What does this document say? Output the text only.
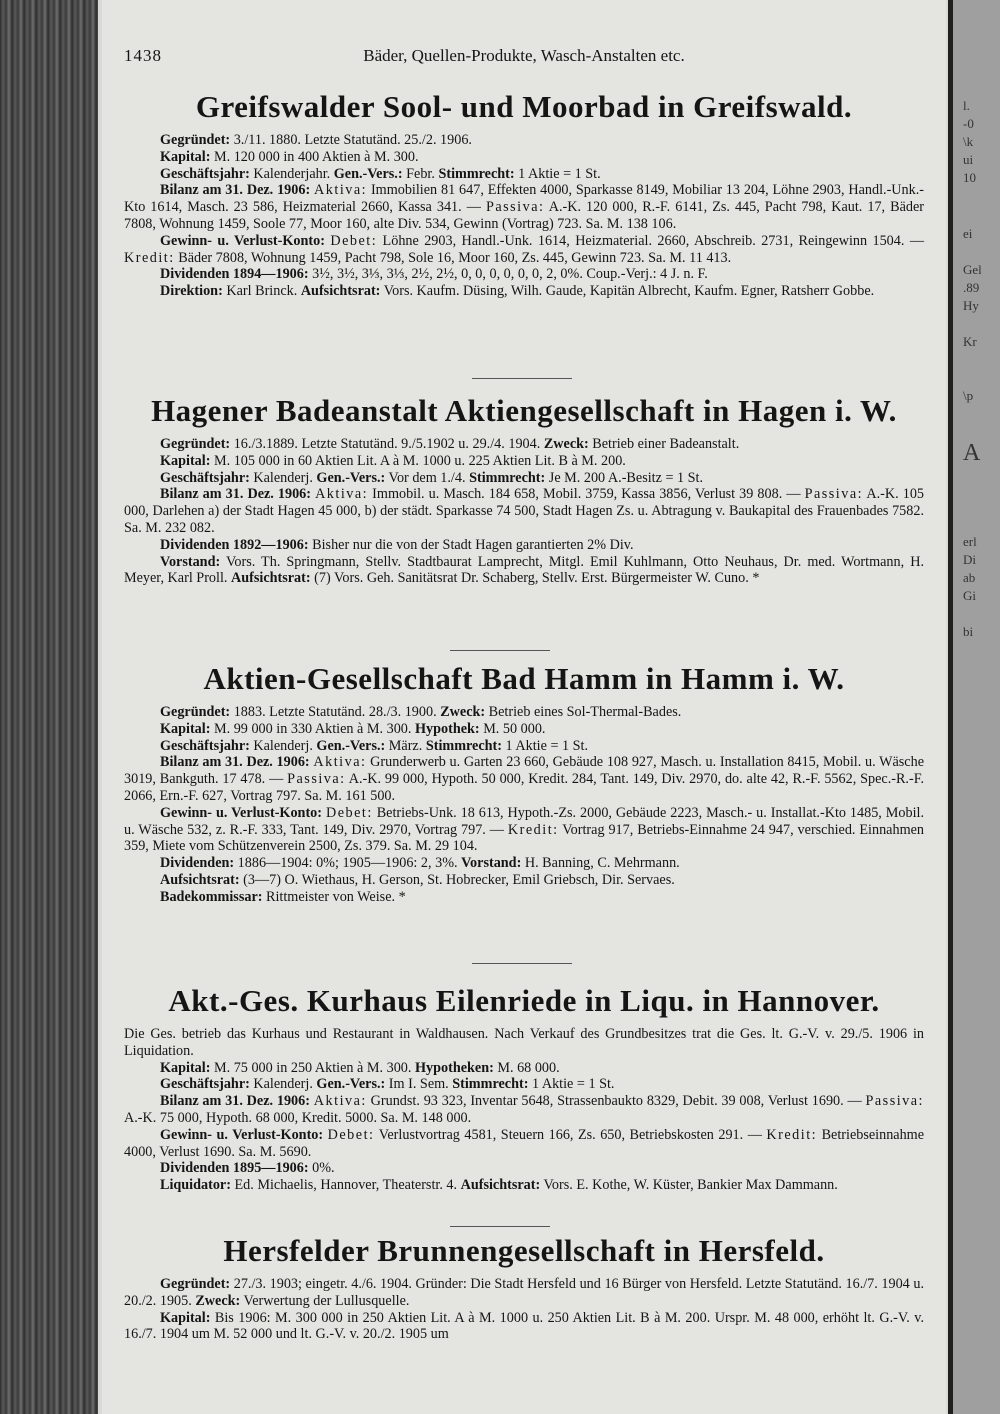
l.
-0
\k
ui
10
ei
Gel
.89
Hy
Kr
\p
A
erl
Di
ab
Gi
bi
1438	Bäder, Quellen-Produkte, Wasch-Anstalten etc.
Greifswalder Sool- und Moorbad in Greifswald.

Gegründet: 3./11. 1880. Letzte Statutänd. 25./2. 1906.

Kapital: M. 120 000 in 400 Aktien à M. 300.

Geschäftsjahr: Kalenderjahr. Gen.-Vers.: Febr. Stimmrecht: 1 Aktie = 1 St.

Bilanz am 31. Dez. 1906: Aktiva: Immobilien 81 647, Effekten 4000, Sparkasse 8149, Mobiliar 13 204, Löhne 2903, Handl.-Unk.-Kto 1614, Masch. 23 586, Heizmaterial 2660, Kassa 341. — Passiva: A.-K. 120 000, R.-F. 6141, Zs. 445, Pacht 798, Kaut. 17, Bäder 7808, Wohnung 1459, Soole 77, Moor 160, alte Div. 534, Gewinn (Vortrag) 723. Sa. M. 138 106.

Gewinn- u. Verlust-Konto: Debet: Löhne 2903, Handl.-Unk. 1614, Heizmaterial. 2660, Abschreib. 2731, Reingewinn 1504. — Kredit: Bäder 7808, Wohnung 1459, Pacht 798, Sole 16, Moor 160, Zs. 445, Gewinn 723. Sa. M. 11 413.

Dividenden 1894—1906: 3½, 3½, 3⅓, 3⅓, 2½, 2½, 0, 0, 0, 0, 0, 0, 2, 0%. Coup.-Verj.: 4 J. n. F.

Direktion: Karl Brinck. Aufsichtsrat: Vors. Kaufm. Düsing, Wilh. Gaude, Kapitän Albrecht, Kaufm. Egner, Ratsherr Gobbe.

Hagener Badeanstalt Aktiengesellschaft in Hagen i. W.

Gegründet: 16./3.1889. Letzte Statutänd. 9./5.1902 u. 29./4. 1904. Zweck: Betrieb einer Badeanstalt.

Kapital: M. 105 000 in 60 Aktien Lit. A à M. 1000 u. 225 Aktien Lit. B à M. 200.

Geschäftsjahr: Kalenderj. Gen.-Vers.: Vor dem 1./4. Stimmrecht: Je M. 200 A.-Besitz = 1 St.

Bilanz am 31. Dez. 1906: Aktiva: Immobil. u. Masch. 184 658, Mobil. 3759, Kassa 3856, Verlust 39 808. — Passiva: A.-K. 105 000, Darlehen a) der Stadt Hagen 45 000, b) der städt. Sparkasse 74 500, Stadt Hagen Zs. u. Abtragung v. Baukapital des Frauenbades 7582. Sa. M. 232 082.

Dividenden 1892—1906: Bisher nur die von der Stadt Hagen garantierten 2% Div.

Vorstand: Vors. Th. Springmann, Stellv. Stadtbaurat Lamprecht, Mitgl. Emil Kuhlmann, Otto Neuhaus, Dr. med. Wortmann, H. Meyer, Karl Proll. Aufsichtsrat: (7) Vors. Geh. Sanitätsrat Dr. Schaberg, Stellv. Erst. Bürgermeister W. Cuno. *

Aktien-Gesellschaft Bad Hamm in Hamm i. W.

Gegründet: 1883. Letzte Statutänd. 28./3. 1900. Zweck: Betrieb eines Sol-Thermal-Bades.

Kapital: M. 99 000 in 330 Aktien à M. 300. Hypothek: M. 50 000.

Geschäftsjahr: Kalenderj. Gen.-Vers.: März. Stimmrecht: 1 Aktie = 1 St.

Bilanz am 31. Dez. 1906: Aktiva: Grunderwerb u. Garten 23 660, Gebäude 108 927, Masch. u. Installation 8415, Mobil. u. Wäsche 3019, Bankguth. 17 478. — Passiva: A.-K. 99 000, Hypoth. 50 000, Kredit. 284, Tant. 149, Div. 2970, do. alte 42, R.-F. 5562, Spec.-R.-F. 2066, Ern.-F. 627, Vortrag 797. Sa. M. 161 500.

Gewinn- u. Verlust-Konto: Debet: Betriebs-Unk. 18 613, Hypoth.-Zs. 2000, Gebäude 2223, Masch.- u. Installat.-Kto 1485, Mobil. u. Wäsche 532, z. R.-F. 333, Tant. 149, Div. 2970, Vortrag 797. — Kredit: Vortrag 917, Betriebs-Einnahme 24 947, verschied. Einnahmen 359, Miete vom Schützenverein 2500, Zs. 379. Sa. M. 29 104.

Dividenden: 1886—1904: 0%; 1905—1906: 2, 3%. Vorstand: H. Banning, C. Mehrmann.

Aufsichtsrat: (3—7) O. Wiethaus, H. Gerson, St. Hobrecker, Emil Griebsch, Dir. Servaes.

Badekommissar: Rittmeister von Weise. *

Akt.-Ges. Kurhaus Eilenriede in Liqu. in Hannover.

Die Ges. betrieb das Kurhaus und Restaurant in Waldhausen. Nach Verkauf des Grundbesitzes trat die Ges. lt. G.-V. v. 29./5. 1906 in Liquidation.

Kapital: M. 75 000 in 250 Aktien à M. 300. Hypotheken: M. 68 000.

Geschäftsjahr: Kalenderj. Gen.-Vers.: Im I. Sem. Stimmrecht: 1 Aktie = 1 St.

Bilanz am 31. Dez. 1906: Aktiva: Grundst. 93 323, Inventar 5648, Strassenbaukto 8329, Debit. 39 008, Verlust 1690. — Passiva: A.-K. 75 000, Hypoth. 68 000, Kredit. 5000. Sa. M. 148 000.

Gewinn- u. Verlust-Konto: Debet: Verlustvortrag 4581, Steuern 166, Zs. 650, Betriebskosten 291. — Kredit: Betriebseinnahme 4000, Verlust 1690. Sa. M. 5690.

Dividenden 1895—1906: 0%.

Liquidator: Ed. Michaelis, Hannover, Theaterstr. 4. Aufsichtsrat: Vors. E. Kothe, W. Küster, Bankier Max Dammann.

Hersfelder Brunnengesellschaft in Hersfeld.

Gegründet: 27./3. 1903; eingetr. 4./6. 1904. Gründer: Die Stadt Hersfeld und 16 Bürger von Hersfeld. Letzte Statutänd. 16./7. 1904 u. 20./2. 1905. Zweck: Verwertung der Lullusquelle.

Kapital: Bis 1906: M. 300 000 in 250 Aktien Lit. A à M. 1000 u. 250 Aktien Lit. B à M. 200. Urspr. M. 48 000, erhöht lt. G.-V. v. 16./7. 1904 um M. 52 000 und lt. G.-V. v. 20./2. 1905 um
